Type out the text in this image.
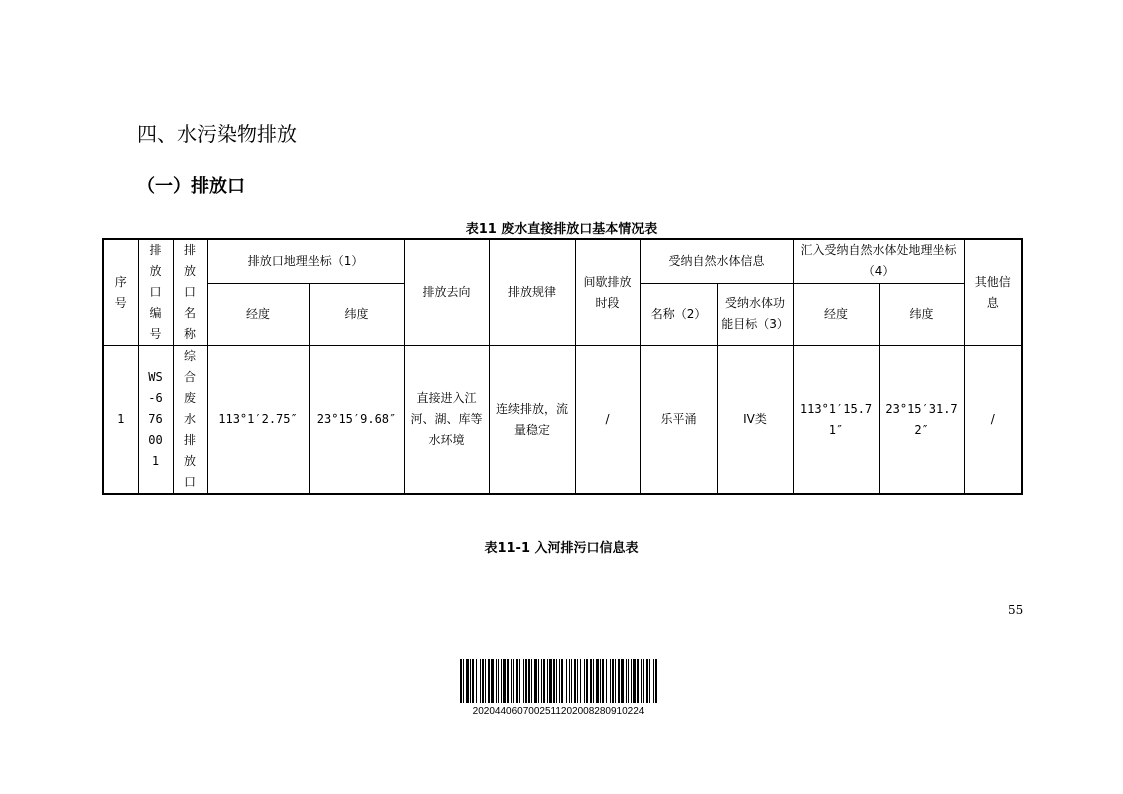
四、水污染物排放
（一）排放口
表11 废水直接排放口基本情况表
序号	排放口编号	排放口名称	排放口地理坐标（1）		排放去向	排放规律	间歇排放时段	受纳自然水体信息		汇入受纳自然水体处地理坐标（4）		其他信息
			经度	纬度				名称（2）	受纳水体功能目标（3）	经度	纬度	
1	WS-676001	综合废水排放口	113°1′2.75″	23°15′9.68″	直接进入江河、湖、库等水环境	连续排放，流量稳定	/	乐平涌	IV类	113°1′15.71″	23°15′31.72″	/
表11-1 入河排污口信息表
55
2020440607002511202008280910224
